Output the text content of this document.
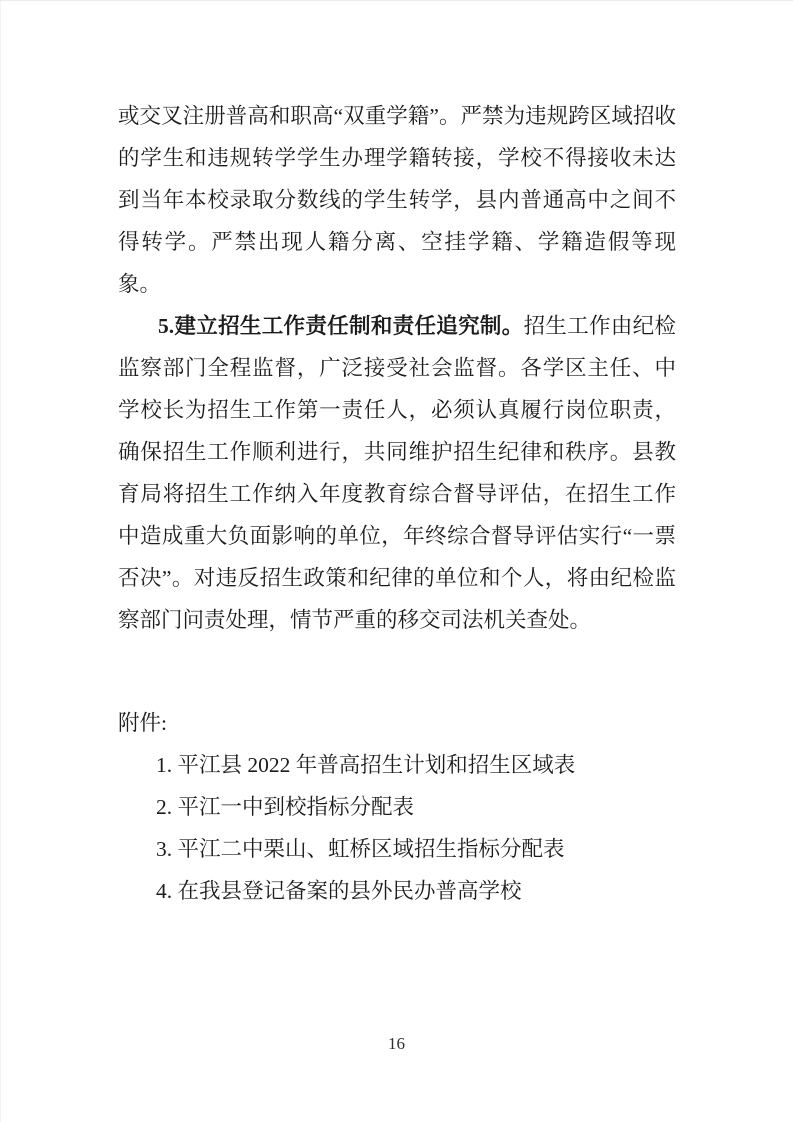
或交叉注册普高和职高“双重学籍”。严禁为违规跨区域招收的学生和违规转学学生办理学籍转接，学校不得接收未达到当年本校录取分数线的学生转学，县内普通高中之间不得转学。严禁出现人籍分离、空挂学籍、学籍造假等现象。

5.建立招生工作责任制和责任追究制。招生工作由纪检监察部门全程监督，广泛接受社会监督。各学区主任、中学校长为招生工作第一责任人，必须认真履行岗位职责，确保招生工作顺利进行，共同维护招生纪律和秩序。县教育局将招生工作纳入年度教育综合督导评估，在招生工作中造成重大负面影响的单位，年终综合督导评估实行“一票否决”。对违反招生政策和纪律的单位和个人，将由纪检监察部门问责处理，情节严重的移交司法机关查处。

附件:
1. 平江县 2022 年普高招生计划和招生区域表
2. 平江一中到校指标分配表
3. 平江二中栗山、虹桥区域招生指标分配表
4. 在我县登记备案的县外民办普高学校
16
